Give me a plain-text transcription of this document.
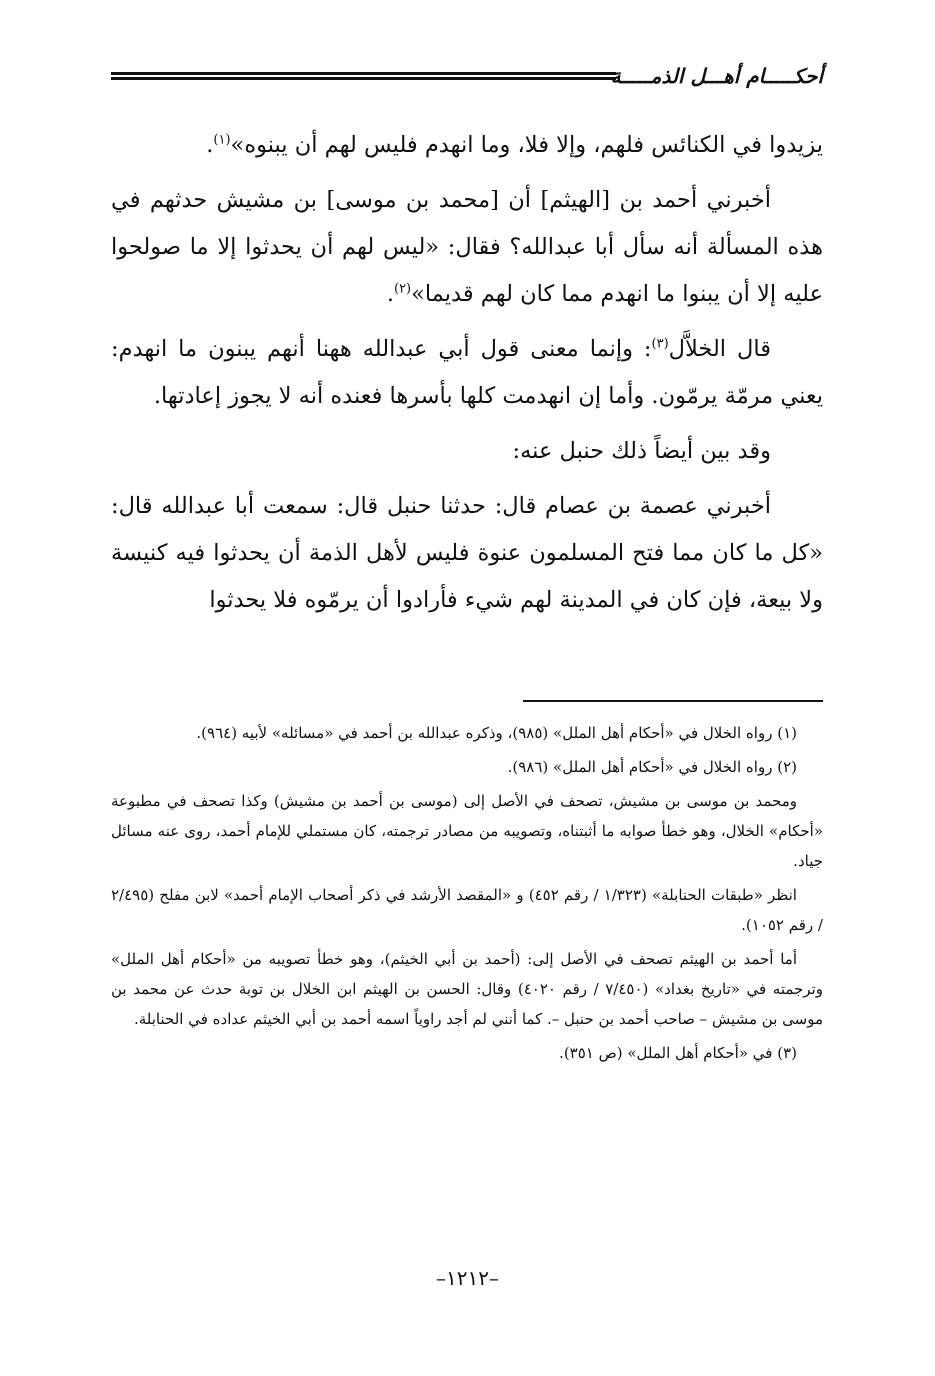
أحكـــــام أهـــل الذمـــــة

يزيدوا في الكنائس فلهم، وإلا فلا، وما انهدم فليس لهم أن يبنوه»$^{(١)}$.

أخبرني أحمد بن [الهيثم] أن [محمد بن موسى] بن مشيش حدثهم في هذه المسألة أنه سأل أبا عبدالله؟ فقال: «ليس لهم أن يحدثوا إلا ما صولحوا عليه إلا أن يبنوا ما انهدم مما كان لهم قديما»$^{(٢)}$.

قال الخلاَّل$^{(٣)}$: وإنما معنى قول أبي عبدالله ههنا أنهم يبنون ما انهدم: يعني مرمّة يرمّون. وأما إن انهدمت كلها بأسرها فعنده أنه لا يجوز إعادتها.

وقد بين أيضاً ذلك حنبل عنه:

أخبرني عصمة بن عصام قال: حدثنا حنبل قال: سمعت أبا عبدالله قال: «كل ما كان مما فتح المسلمون عنوة فليس لأهل الذمة أن يحدثوا فيه كنيسة ولا بيعة، فإن كان في المدينة لهم شيء فأرادوا أن يرمّوه فلا يحدثوا

(١) رواه الخلال في «أحكام أهل الملل» (٩٨٥)، وذكره عبدالله بن أحمد في «مسائله» لأبيه (٩٦٤).

(٢) رواه الخلال في «أحكام أهل الملل» (٩٨٦).

ومحمد بن موسى بن مشيش، تصحف في الأصل إلى (موسى بن أحمد بن مشيش) وكذا تصحف في مطبوعة «أحكام» الخلال، وهو خطأ صوابه ما أثبتناه، وتصويبه من مصادر ترجمته، كان مستملي للإمام أحمد، روى عنه مسائل جياد.

انظر «طبقات الحنابلة» (١/٣٢٣ / رقم ٤٥٢) و «المقصد الأرشد في ذكر أصحاب الإمام أحمد» لابن مفلح (٢/٤٩٥ / رقم ١٠٥٢).

أما أحمد بن الهيثم تصحف في الأصل إلى: (أحمد بن أبي الخيثم)، وهو خطأ تصويبه من «أحكام أهل الملل» وترجمته في «تاريخ بغداد» (٧/٤٥٠ / رقم ٤٠٢٠) وقال: الحسن بن الهيثم ابن الخلال بن توبة حدث عن محمد بن موسى بن مشيش – صاحب أحمد بن حنبل –. كما أنني لم أجد راوياً اسمه أحمد بن أبي الخيثم عداده في الحنابلة.

(٣) في «أحكام أهل الملل» (ص ٣٥١).

–١٢١٢–
